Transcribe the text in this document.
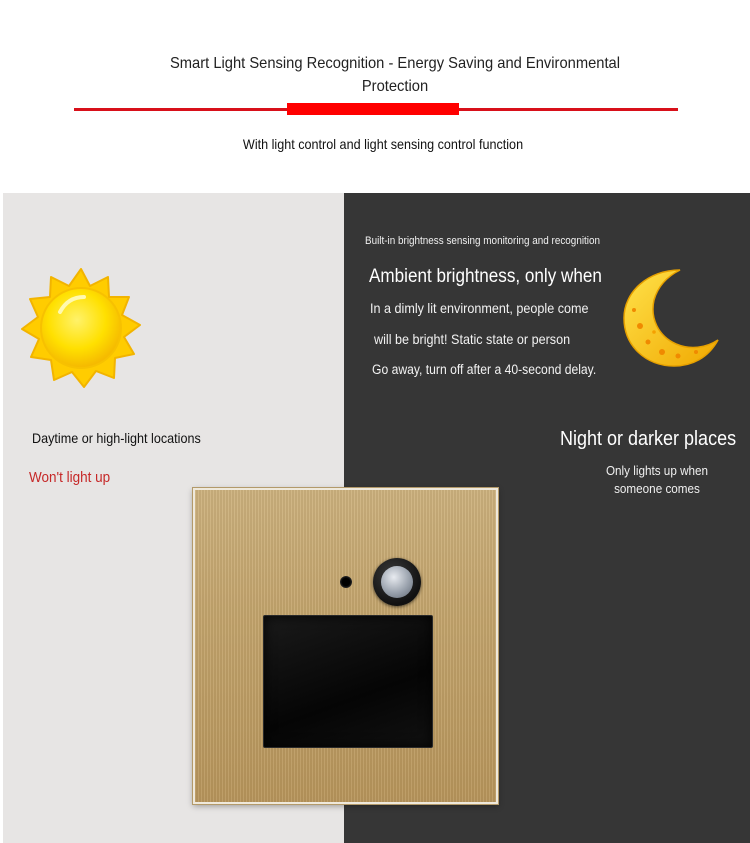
Smart Light Sensing Recognition - Energy Saving and Environmental Protection
With light control and light sensing control function
Daytime or high-light locations
Won't light up
Built-in brightness sensing monitoring and recognition
Ambient brightness, only when
In a dimly lit environment, people come
will be bright! Static state or person
Go away, turn off after a 40-second delay.
Night or darker places
Only lights up when someone comes
